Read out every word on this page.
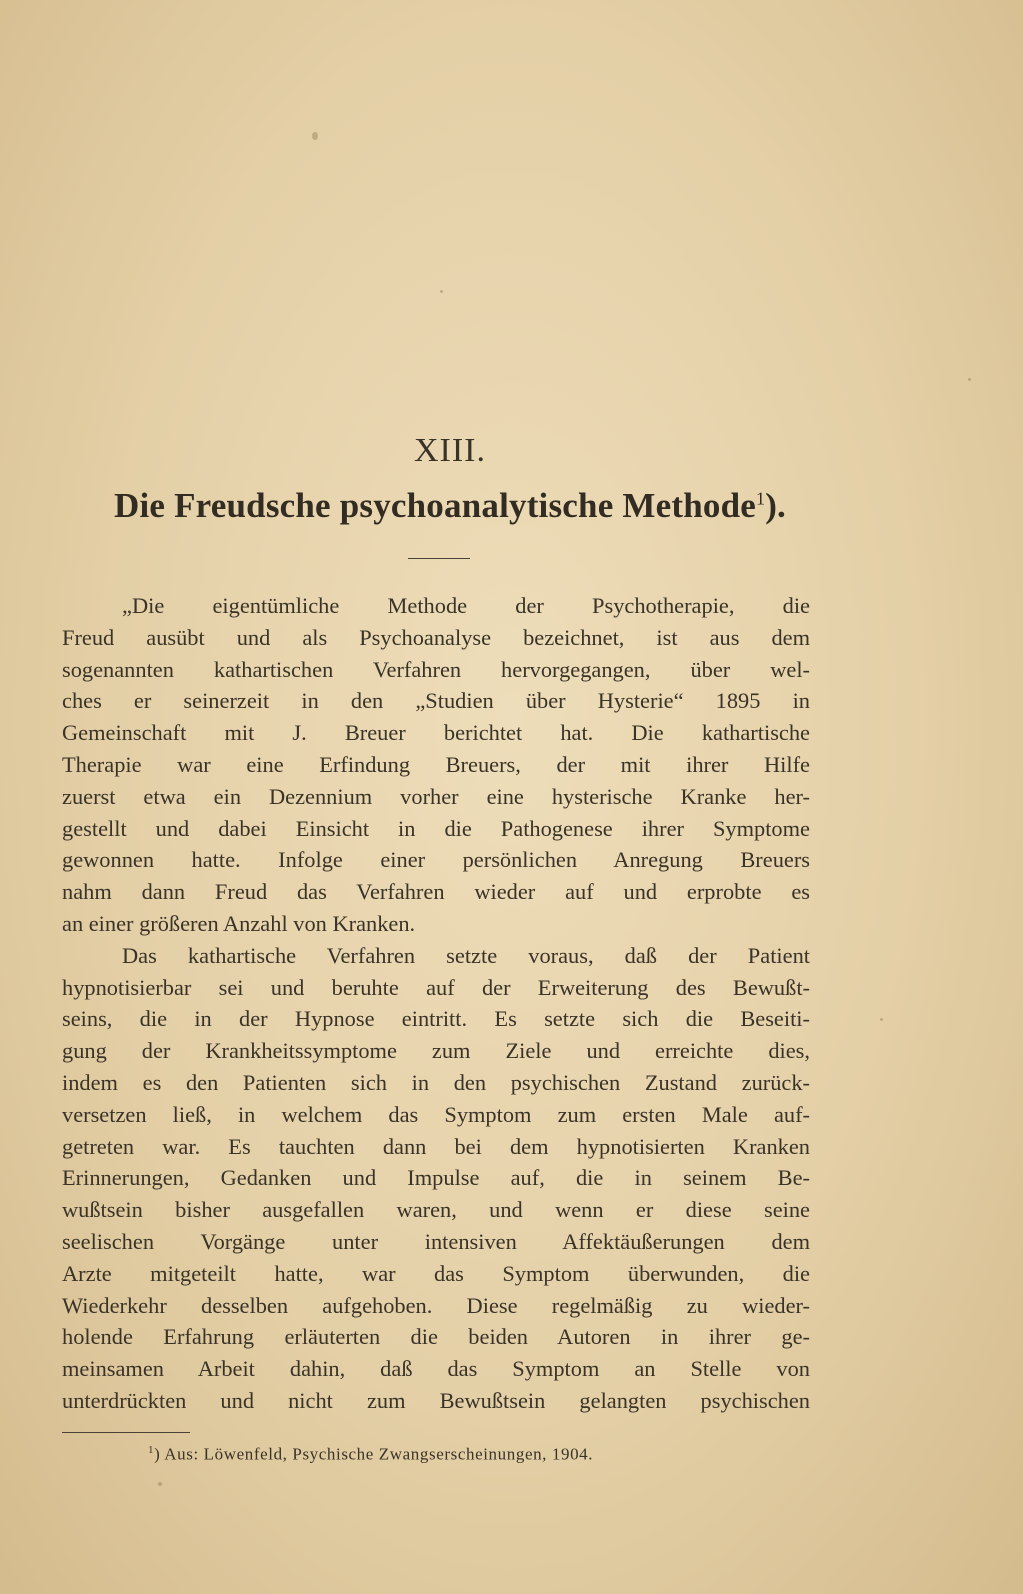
XIII.
Die Freudsche psychoanalytische Methode$^1$).
„Die eigentümliche Methode der Psychotherapie, die
Freud ausübt und als Psychoanalyse bezeichnet, ist aus dem
sogenannten kathartischen Verfahren hervorgegangen, über wel-
ches er seinerzeit in den „Studien über Hysterie“ 1895 in
Gemeinschaft mit J. Breuer berichtet hat. Die kathartische
Therapie war eine Erfindung Breuers, der mit ihrer Hilfe
zuerst etwa ein Dezennium vorher eine hysterische Kranke her-
gestellt und dabei Einsicht in die Pathogenese ihrer Symptome
gewonnen hatte. Infolge einer persönlichen Anregung Breuers
nahm dann Freud das Verfahren wieder auf und erprobte es
an einer größeren Anzahl von Kranken.
Das kathartische Verfahren setzte voraus, daß der Patient
hypnotisierbar sei und beruhte auf der Erweiterung des Bewußt-
seins, die in der Hypnose eintritt. Es setzte sich die Beseiti-
gung der Krankheitssymptome zum Ziele und erreichte dies,
indem es den Patienten sich in den psychischen Zustand zurück-
versetzen ließ, in welchem das Symptom zum ersten Male auf-
getreten war. Es tauchten dann bei dem hypnotisierten Kranken
Erinnerungen, Gedanken und Impulse auf, die in seinem Be-
wußtsein bisher ausgefallen waren, und wenn er diese seine
seelischen Vorgänge unter intensiven Affektäußerungen dem
Arzte mitgeteilt hatte, war das Symptom überwunden, die
Wiederkehr desselben aufgehoben. Diese regelmäßig zu wieder-
holende Erfahrung erläuterten die beiden Autoren in ihrer ge-
meinsamen Arbeit dahin, daß das Symptom an Stelle von
unterdrückten und nicht zum Bewußtsein gelangten psychischen
$^1$) Aus: Löwenfeld, Psychische Zwangserscheinungen, 1904.
